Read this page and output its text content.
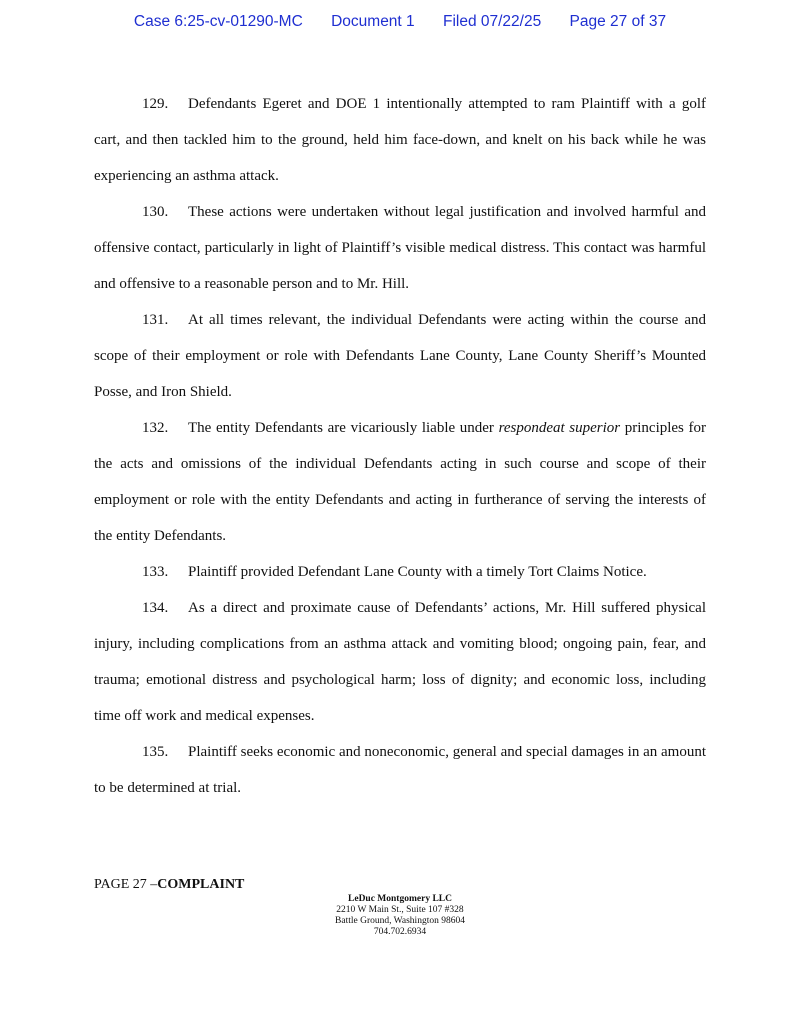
Case 6:25-cv-01290-MC Document 1 Filed 07/22/25 Page 27 of 37

129. Defendants Egeret and DOE 1 intentionally attempted to ram Plaintiff with a golf cart, and then tackled him to the ground, held him face-down, and knelt on his back while he was experiencing an asthma attack.

130. These actions were undertaken without legal justification and involved harmful and offensive contact, particularly in light of Plaintiff’s visible medical distress. This contact was harmful and offensive to a reasonable person and to Mr. Hill.

131. At all times relevant, the individual Defendants were acting within the course and scope of their employment or role with Defendants Lane County, Lane County Sheriff’s Mounted Posse, and Iron Shield.

132. The entity Defendants are vicariously liable under respondeat superior principles for the acts and omissions of the individual Defendants acting in such course and scope of their employment or role with the entity Defendants and acting in furtherance of serving the interests of the entity Defendants.

133. Plaintiff provided Defendant Lane County with a timely Tort Claims Notice.

134. As a direct and proximate cause of Defendants’ actions, Mr. Hill suffered physical injury, including complications from an asthma attack and vomiting blood; ongoing pain, fear, and trauma; emotional distress and psychological harm; loss of dignity; and economic loss, including time off work and medical expenses.

135. Plaintiff seeks economic and noneconomic, general and special damages in an amount to be determined at trial.

PAGE 27 –COMPLAINT
LeDuc Montgomery LLC
2210 W Main St., Suite 107 #328
Battle Ground, Washington 98604
704.702.6934
